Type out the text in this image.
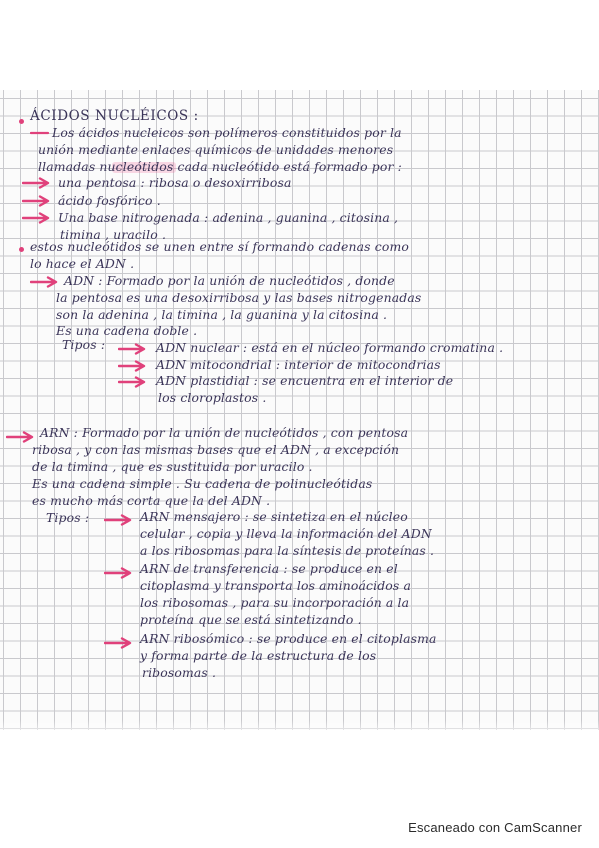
ÁCIDOS NUCLÉICOS :
Los ácidos nucleicos son polímeros constituidos por la
unión mediante enlaces químicos de unidades menores
llamadas nucleótidos cada nucleótido está formado por :
una pentosa : ribosa o desoxirribosa
ácido fosfórico .
Una base nitrogenada : adenina , guanina , citosina ,
timina , uracilo .
estos nucleótidos se unen entre sí formando cadenas como
lo hace el ADN .
ADN : Formado por la unión de nucleótidos , donde
la pentosa es una desoxirribosa y las bases nitrogenadas
son la adenina , la timina , la guanina y la citosina .
Es una cadena doble .
Tipos :	ADN nuclear : está en el núcleo formando cromatina .
ADN mitocondrial : interior de mitocondrias
ADN plastidial : se encuentra en el interior de
los cloroplastos .
ARN : Formado por la unión de nucleótidos , con pentosa
ribosa , y con las mismas bases que el ADN , a excepción
de la timina , que es sustituida por uracilo .
Es una cadena simple . Su cadena de polinucleótidas
es mucho más corta que la del ADN .
Tipos :	ARN mensajero : se sintetiza en el núcleo
celular , copia y lleva la información del ADN
a los ribosomas para la síntesis de proteínas .
ARN de transferencia : se produce en el
citoplasma y transporta los aminoácidos a
los ribosomas , para su incorporación a la
proteína que se está sintetizando .
ARN ribosómico : se produce en el citoplasma
y forma parte de la estructura de los
ribosomas .
Escaneado con CamScanner
